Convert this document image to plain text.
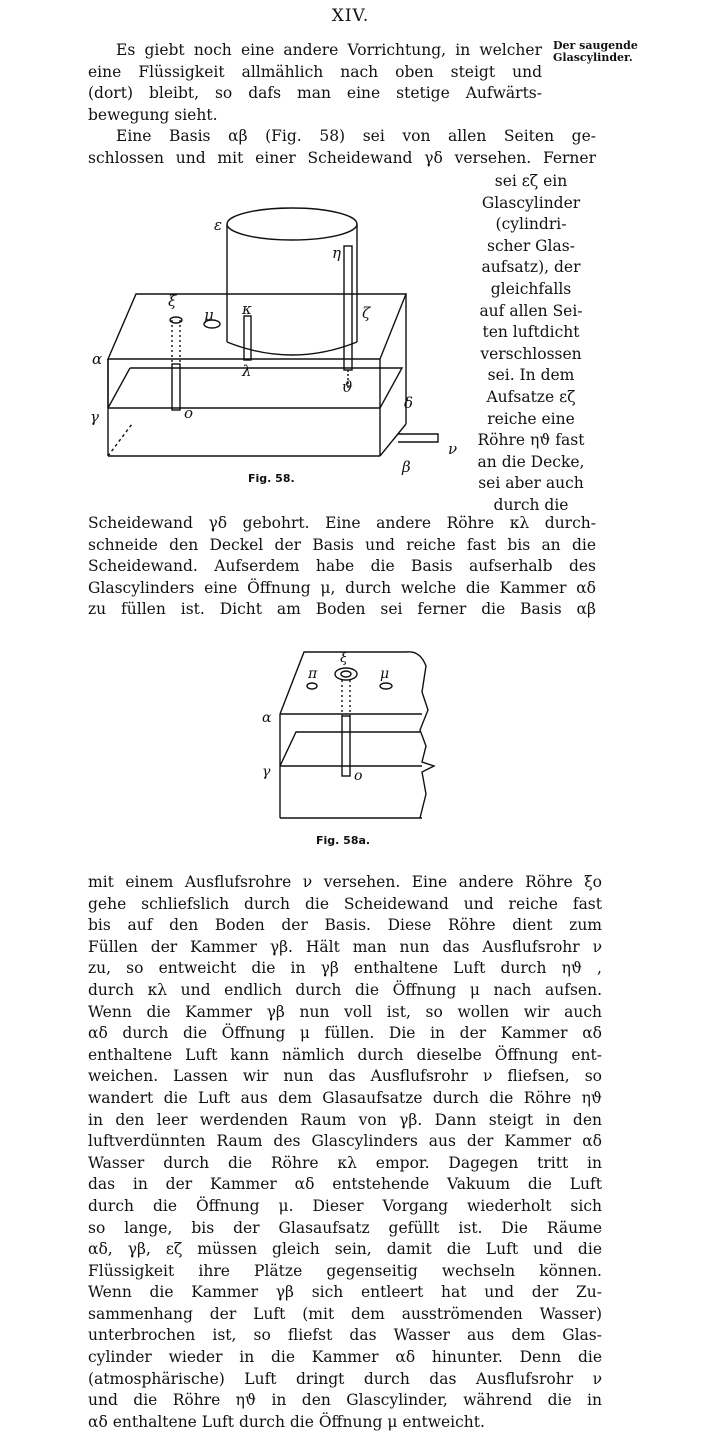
XIV.
Der saugende
Glascylinder.
Es giebt noch eine andere Vorrichtung, in welcher
eine Flüssigkeit allmählich nach oben steigt und
(dort) bleibt, so dafs man eine stetige Aufwärts-
bewegung sieht.
Eine Basis αβ (Fig. 58) sei von allen Seiten ge-
schlossen und mit einer Scheidewand γδ versehen. Ferner
sei εζ ein
Glascylinder
(cylindri-
scher Glas-
aufsatz), der
gleichfalls
auf allen Sei-
ten luftdicht
verschlossen
sei. In dem
Aufsatze εζ
reiche eine
Röhre ηϑ fast
an die Decke,
sei aber auch
durch die
ε
ζ
η
ϑ
ξ
μ κ
λ
α
γ
δ
o
β
ν
Fig. 58.
Scheidewand γδ gebohrt. Eine andere Röhre κλ durch-
schneide den Deckel der Basis und reiche fast bis an die
Scheidewand. Aufserdem habe die Basis aufserhalb des
Glascylinders eine Öffnung μ, durch welche die Kammer αδ
zu füllen ist. Dicht am Boden sei ferner die Basis αβ
π
ξ
μ
α
γ	o
Fig. 58a.
mit einem Ausflufsrohre ν versehen. Eine andere Röhre ξο
gehe schliefslich durch die Scheidewand und reiche fast
bis auf den Boden der Basis. Diese Röhre dient zum
Füllen der Kammer γβ. Hält man nun das Ausflufsrohr ν
zu, so entweicht die in γβ enthaltene Luft durch ηϑ ,
durch κλ und endlich durch die Öffnung μ nach aufsen.
Wenn die Kammer γβ nun voll ist, so wollen wir auch
αδ durch die Öffnung μ füllen. Die in der Kammer αδ
enthaltene Luft kann nämlich durch dieselbe Öffnung ent-
weichen. Lassen wir nun das Ausflufsrohr ν fliefsen, so
wandert die Luft aus dem Glasaufsatze durch die Röhre ηϑ
in den leer werdenden Raum von γβ. Dann steigt in den
luftverdünnten Raum des Glascylinders aus der Kammer αδ
Wasser durch die Röhre κλ empor. Dagegen tritt in
das in der Kammer αδ entstehende Vakuum die Luft
durch die Öffnung μ. Dieser Vorgang wiederholt sich
so lange, bis der Glasaufsatz gefüllt ist. Die Räume
αδ, γβ, εζ müssen gleich sein, damit die Luft und die
Flüssigkeit ihre Plätze gegenseitig wechseln können.
Wenn die Kammer γβ sich entleert hat und der Zu-
sammenhang der Luft (mit dem ausströmenden Wasser)
unterbrochen ist, so fliefst das Wasser aus dem Glas-
cylinder wieder in die Kammer αδ hinunter. Denn die
(atmosphärische) Luft dringt durch das Ausflufsrohr ν
und die Röhre ηϑ in den Glascylinder, während die in
αδ enthaltene Luft durch die Öffnung μ entweicht.
